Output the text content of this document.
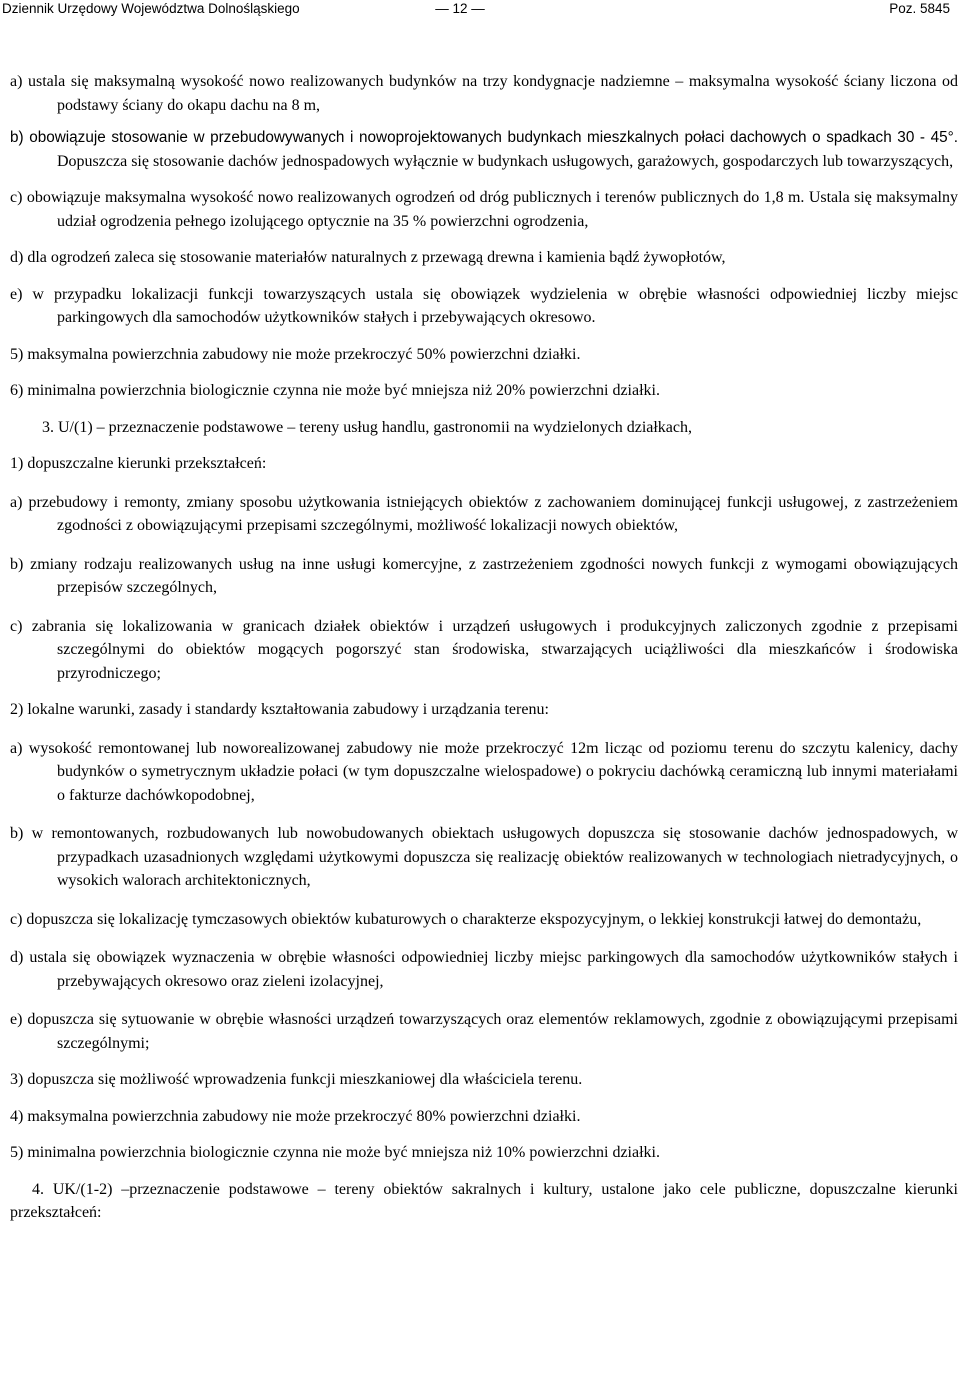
Dziennik Urzędowy Województwa Dolnośląskiego	— 12 —	Poz. 5845

a) ustala się maksymalną wysokość nowo realizowanych budynków na trzy kondygnacje nadziemne – maksymalna wysokość ściany liczona od podstawy ściany do okapu dachu na 8 m,

b) obowiązuje stosowanie w przebudowywanych i nowoprojektowanych budynkach mieszkalnych połaci dachowych o spadkach 30 - 45°. Dopuszcza się stosowanie dachów jednospadowych wyłącznie w budynkach usługowych, garażowych, gospodarczych lub towarzyszących,

c) obowiązuje maksymalna wysokość nowo realizowanych ogrodzeń od dróg publicznych i terenów publicznych do 1,8 m. Ustala się maksymalny udział ogrodzenia pełnego izolującego optycznie na 35 % powierzchni ogrodzenia,

d) dla ogrodzeń zaleca się stosowanie materiałów naturalnych z przewagą drewna i kamienia bądź żywopłotów,

e) w przypadku lokalizacji funkcji towarzyszących ustala się obowiązek wydzielenia w obrębie własności odpowiedniej liczby miejsc parkingowych dla samochodów użytkowników stałych i przebywających okresowo.

5) maksymalna powierzchnia zabudowy nie może przekroczyć 50% powierzchni działki.

6) minimalna powierzchnia biologicznie czynna nie może być mniejsza niż 20% powierzchni działki.

3. U/(1) – przeznaczenie podstawowe – tereny usług handlu, gastronomii na wydzielonych działkach,

1) dopuszczalne kierunki przekształceń:

a) przebudowy i remonty, zmiany sposobu użytkowania istniejących obiektów z zachowaniem dominującej funkcji usługowej, z zastrzeżeniem zgodności z obowiązującymi przepisami szczególnymi, możliwość lokalizacji nowych obiektów,

b) zmiany rodzaju realizowanych usług na inne usługi komercyjne, z zastrzeżeniem zgodności nowych funkcji z wymogami obowiązujących przepisów szczególnych,

c) zabrania się lokalizowania w granicach działek obiektów i urządzeń usługowych i produkcyjnych zaliczonych zgodnie z przepisami szczególnymi do obiektów mogących pogorszyć stan środowiska, stwarzających uciążliwości dla mieszkańców i środowiska przyrodniczego;

2) lokalne warunki, zasady i standardy kształtowania zabudowy i urządzania terenu:

a) wysokość remontowanej lub noworealizowanej zabudowy nie może przekroczyć 12m licząc od poziomu terenu do szczytu kalenicy, dachy budynków o symetrycznym układzie połaci (w tym dopuszczalne wielospadowe) o pokryciu dachówką ceramiczną lub innymi materiałami o fakturze dachówkopodobnej,

b) w remontowanych, rozbudowanych lub nowobudowanych obiektach usługowych dopuszcza się stosowanie dachów jednospadowych, w przypadkach uzasadnionych względami użytkowymi dopuszcza się realizację obiektów realizowanych w technologiach nietradycyjnych, o wysokich walorach architektonicznych,

c) dopuszcza się lokalizację tymczasowych obiektów kubaturowych o charakterze ekspozycyjnym, o lekkiej konstrukcji łatwej do demontażu,

d) ustala się obowiązek wyznaczenia w obrębie własności odpowiedniej liczby miejsc parkingowych dla samochodów użytkowników stałych i przebywających okresowo oraz zieleni izolacyjnej,

e) dopuszcza się sytuowanie w obrębie własności urządzeń towarzyszących oraz elementów reklamowych, zgodnie z obowiązującymi przepisami szczególnymi;

3) dopuszcza się możliwość wprowadzenia funkcji mieszkaniowej dla właściciela terenu.

4) maksymalna powierzchnia zabudowy nie może przekroczyć 80% powierzchni działki.

5) minimalna powierzchnia biologicznie czynna nie może być mniejsza niż 10% powierzchni działki.

4. UK/(1-2) –przeznaczenie podstawowe – tereny obiektów sakralnych i kultury, ustalone jako cele publiczne, dopuszczalne kierunki przekształceń:
